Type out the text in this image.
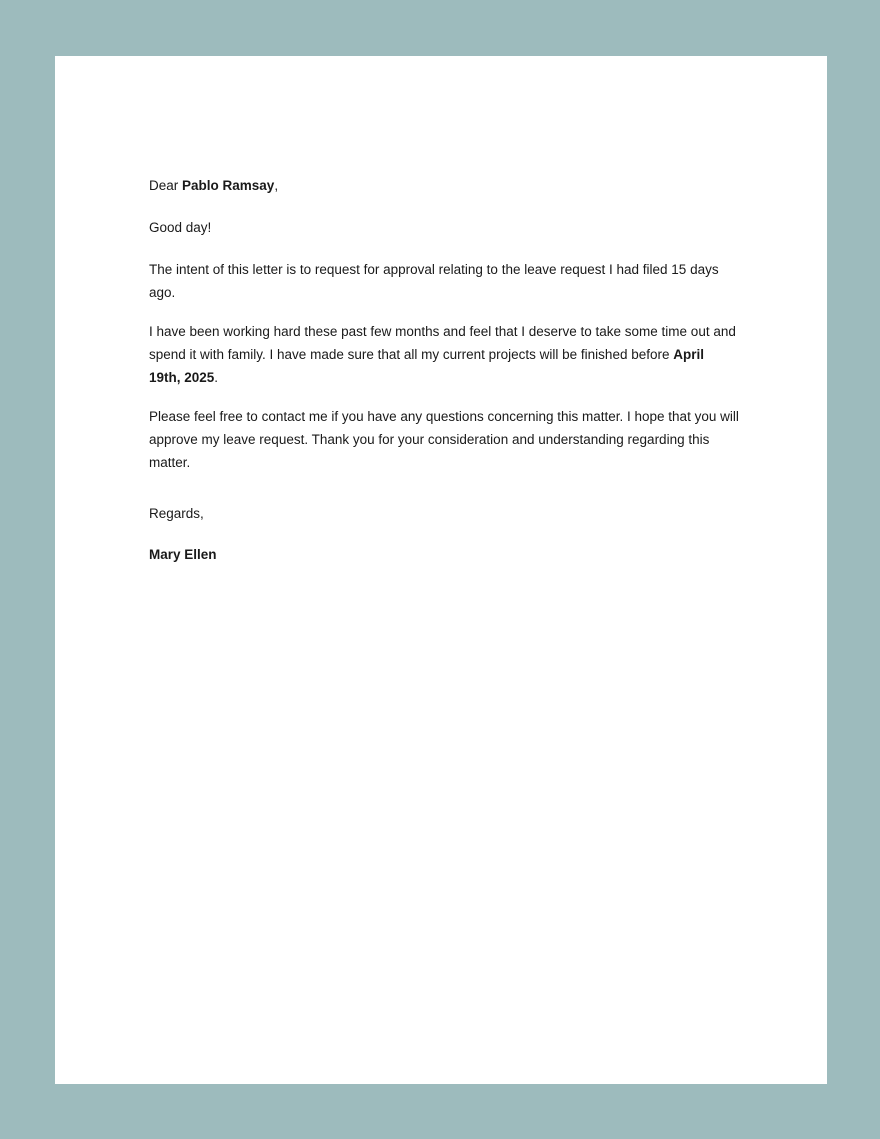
Dear Pablo Ramsay,

Good day!

The intent of this letter is to request for approval relating to the leave request I had filed 15 days ago.

I have been working hard these past few months and feel that I deserve to take some time out and spend it with family. I have made sure that all my current projects will be finished before April 19th, 2025.

Please feel free to contact me if you have any questions concerning this matter. I hope that you will approve my leave request. Thank you for your consideration and understanding regarding this matter.

Regards,

Mary Ellen
